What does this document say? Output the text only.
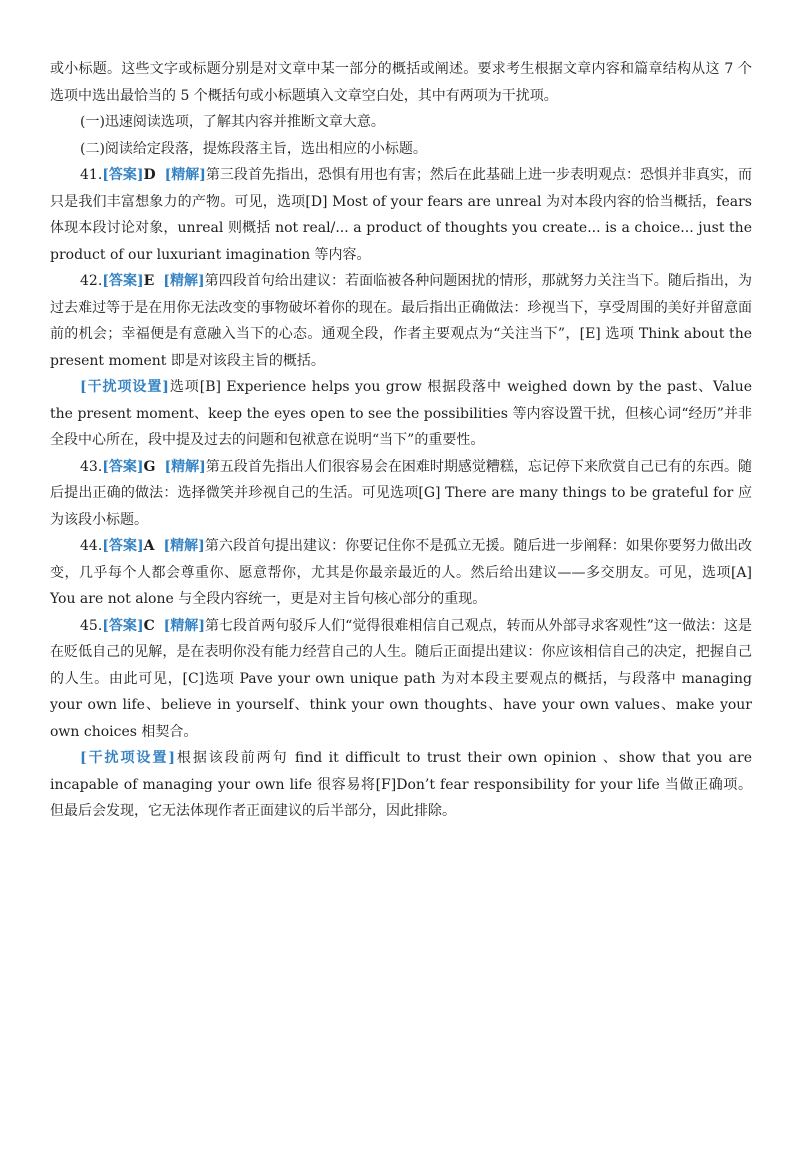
或小标题。这些文字或标题分别是对文章中某一部分的概括或阐述。要求考生根据文章内容和篇章结构从这 7 个选项中选出最恰当的 5 个概括句或小标题填入文章空白处，其中有两项为干扰项。

(一)迅速阅读选项，了解其内容并推断文章大意。

(二)阅读给定段落，提炼段落主旨，选出相应的小标题。

41.[答案]D [精解]第三段首先指出，恐惧有用也有害；然后在此基础上进一步表明观点：恐惧并非真实，而只是我们丰富想象力的产物。可见，选项[D] Most of your fears are unreal 为对本段内容的恰当概括，fears 体现本段讨论对象，unreal 则概括 not real/... a product of thoughts you create... is a choice... just the product of our luxuriant imagination 等内容。

42.[答案]E [精解]第四段首句给出建议：若面临被各种问题困扰的情形，那就努力关注当下。随后指出，为过去难过等于是在用你无法改变的事物破坏着你的现在。最后指出正确做法：珍视当下，享受周围的美好并留意面前的机会；幸福便是有意融入当下的心态。通观全段，作者主要观点为“关注当下”，[E] 选项 Think about the present moment 即是对该段主旨的概括。

[干扰项设置]选项[B] Experience helps you grow 根据段落中 weighed down by the past、Value the present moment、keep the eyes open to see the possibilities 等内容设置干扰，但核心词“经历”并非全段中心所在，段中提及过去的问题和包袱意在说明“当下”的重要性。

43.[答案]G [精解]第五段首先指出人们很容易会在困难时期感觉糟糕，忘记停下来欣赏自己已有的东西。随后提出正确的做法：选择微笑并珍视自己的生活。可见选项[G] There are many things to be grateful for 应为该段小标题。

44.[答案]A [精解]第六段首句提出建议：你要记住你不是孤立无援。随后进一步阐释：如果你要努力做出改变，几乎每个人都会尊重你、愿意帮你，尤其是你最亲最近的人。然后给出建议——多交朋友。可见，选项[A] You are not alone 与全段内容统一，更是对主旨句核心部分的重现。

45.[答案]C [精解]第七段首两句驳斥人们“觉得很难相信自己观点，转而从外部寻求客观性”这一做法：这是在贬低自己的见解，是在表明你没有能力经营自己的人生。随后正面提出建议：你应该相信自己的决定，把握自己的人生。由此可见，[C]选项 Pave your own unique path 为对本段主要观点的概括，与段落中 managing your own life、believe in yourself、think your own thoughts、have your own values、make your own choices 相契合。

[干扰项设置]根据该段前两句 find it difficult to trust their own opinion 、show that you are incapable of managing your own life 很容易将[F]Don’t fear responsibility for your life 当做正确项。但最后会发现，它无法体现作者正面建议的后半部分，因此排除。
